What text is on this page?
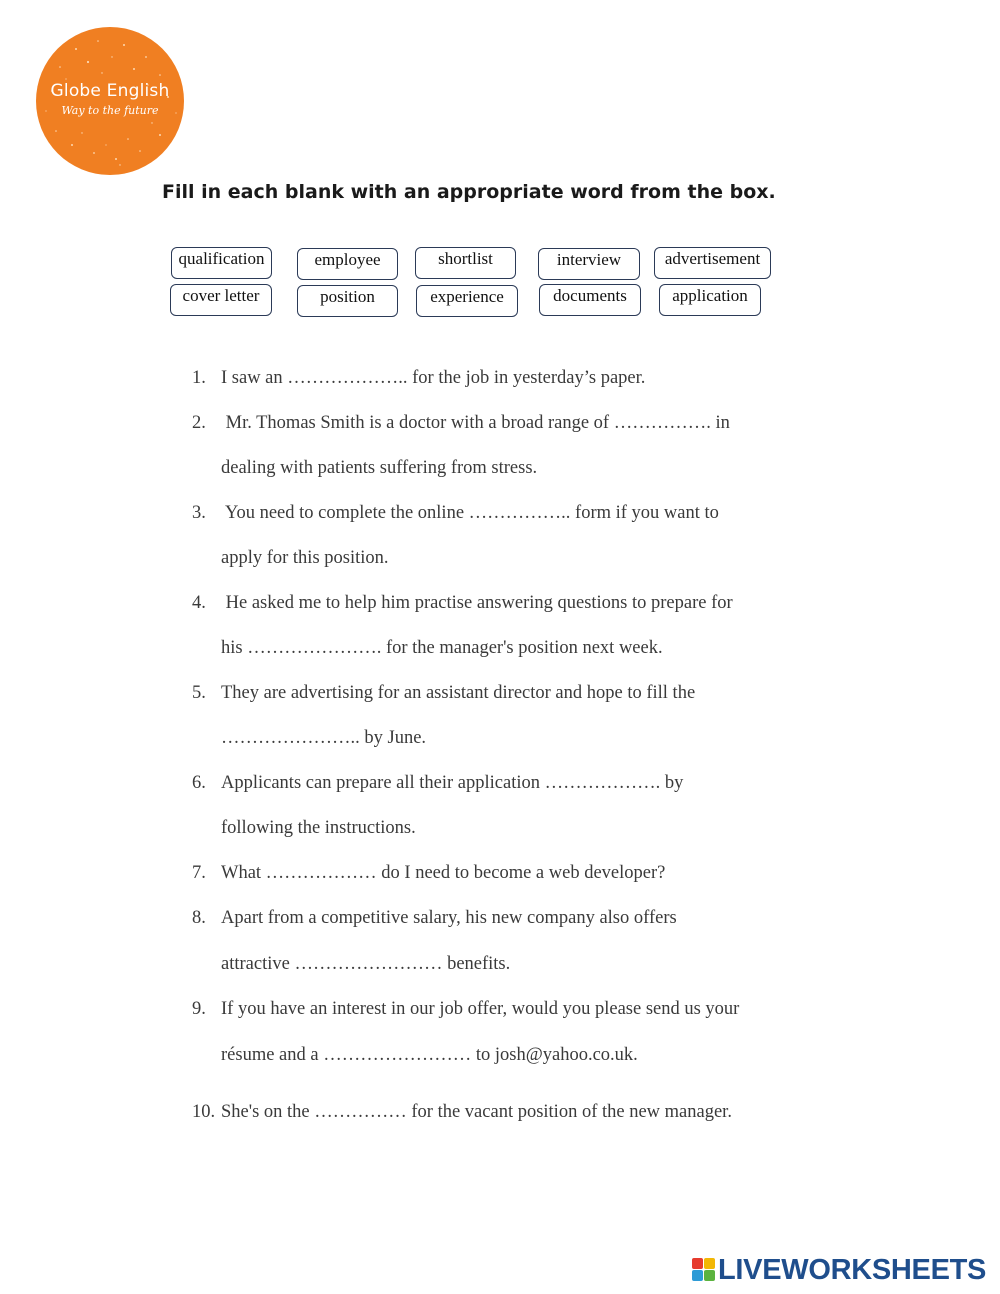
Globe English
Way to the future
Fill in each blank with an appropriate word from the box.
qualification	employee	shortlist	interview	advertisement
cover letter	position	experience	documents	application
1. I saw an ……………….. for the job in yesterday’s paper.
2. Mr. Thomas Smith is a doctor with a broad range of ……………. in
dealing with patients suffering from stress.
3. You need to complete the online …………….. form if you want to
apply for this position.
4. He asked me to help him practise answering questions to prepare for
his …………………. for the manager's position next week.
5. They are advertising for an assistant director and hope to fill the
………………….. by June.
6. Applicants can prepare all their application ………………. by
following the instructions.
7. What ……………… do I need to become a web developer?
8. Apart from a competitive salary, his new company also offers
attractive …………………… benefits.
9. If you have an interest in our job offer, would you please send us your
résume and a …………………… to josh@yahoo.co.uk.
10. She's on the …………… for the vacant position of the new manager.
LIVEWORKSHEETS
